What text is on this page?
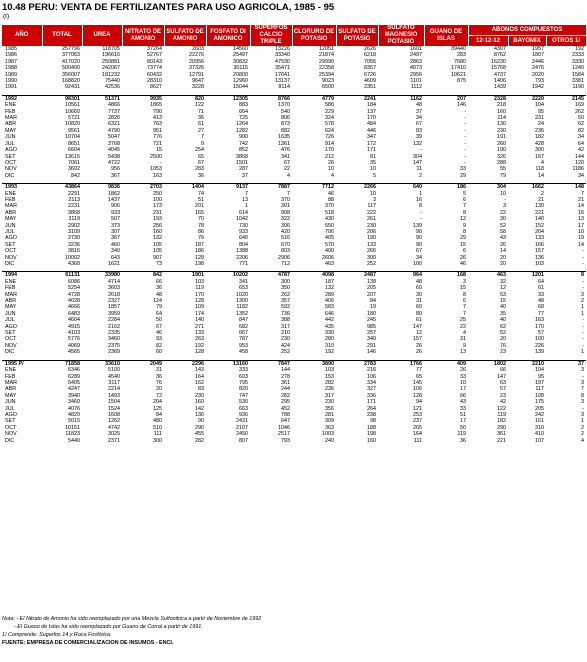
10.48 PERU: VENTA DE FERTILIZANTES PARA USO AGRICOLA, 1985 - 95
(t)
AÑO	TOTAL	UREA	NITRATO DE AMONIO	SULFATO DE AMONIO	FOSFATO DI AMONICO	SUPERFOS CALCIO TRIPLE	CLORURO DE POTASIO	SULFATO DE POTASIO	SULFATO MAGNESIO POTASIO	GUANO DE ISLAS	ABONOS COMPUESTOS		
											12-12-12	BAYOMIX	OTROS 1/
1985	257796	118705	37264	2603	14560	13226	12051	2626	1601	39440	4307	1957	192
1986	377063	196616	52767	22276	25497	33340	21874	6218	2497	283	8762	1807	2333
1987	417020	250881	80143	20956	30832	47530	29990	7056	2863	7680	16230	2446	3330
1988	500400	242067	73774	37326	30115	35471	22358	8357	4073	17410	15768	2476	1240
1989	356007	181232	60432	12791	20800	17641	25394	6726	2956	10621	4737	2020	1584
1990	168820	75440	28310	9647	12960	13137	9023	4609	1101	875	1406	793	3381
1991	92431	42536	8627	3228	15044	8114	6500	2351	1112		1439	1942	1190

1992	98301	51371	9935	820	12305	8766	4779	2241	1162	207	2328	2220	2145
ENE	10561	4866	1865	122	883	1370	586	184	48	146	218	104	169
FEB	10660	7737	790	71	664	540	229	137	37	-	160	95	262
MAR	5721	2826	413	36	725	806	324	170	34	-	114	231	50
ABR	10820	6321	763	61	1264	873	578	484	67	-	130	24	62
MAY	9561	4790	951	27	1282	882	624	446	83	-	230	236	82
JUN	10704	5047	776	7	900	1635	726	347	39	-	191	182	34
JUL	8651	3768	721	9	742	1361	914	172	132	-	260	428	64
AGO	6604	4045	15	254	852	476	170	171	-	-	190	300	42
SET	13615	5438	2500	65	3868	341	212	81	304	-	326	167	144
OCT	7061	4722	-	67	1501	67	26	35	147	-	288	4	120
NOV	3602	956	1053	283	287	22	10	10	11	33	55	118	1186
DIC	842	367	163	36	37	4	4	5	2	29	79	14	34

1993	43864	9836	2703	1404	9137	7887	7712	2266	640	186	304	1662	148
ENE	2291	1862	250	74	7	7	46	10	1	5	10	2	7
FEB	2113	1437	100	51	13	370	88	3	16	6	-	21	21
MAR	2231	906	173	201	1	301	370	117	8	7	3	130	14
ABR	3868	933	231	165	614	908	518	222	-	8	22	221	16
MAY	3119	507	193	70	1042	322	430	261	-	12	30	140	13
JUN	2902	373	256	78	730	306	550	230	139	9	52	152	17
JUL	3109	307	160	86	933	420	706	206	90	8	58	204	10
AGO	2730	367	132	76	640	516	405	190	90	29	43	133	19
SET	3236	460	105	187	804	670	570	133	90	15	26	166	14
OCT	3816	340	105	186	1388	803	400	266	67	6	14	157	-
NOV	10002	643	907	128	2206	2906	2606	300	34	26	20	136	-
DIC	4368	1621	73	198	771	712	463	252	100	46	20	103	-

1994	61131	33980	842	1901	10202	4787	4098	2487	964	168	463	1201	8
ENE	6086	4714	66	103	341	300	187	138	48	3	32	64	-
FEB	5254	3603	36	119	653	350	132	205	60	15	12	61	-
MAR	4728	2618	48	170	1020	262	289	207	30	8	53	33	3
ABR	4028	2327	124	128	1300	357	406	84	31	6	15	48	2
MAY	4666	1857	79	109	1182	592	583	19	60	7	40	68	1
JUN	6483	3959	64	174	1352	736	646	180	80	7	35	77	1
JUL	4604	2284	50	140	847	388	442	245	61	25	40	163	-
AGO	4915	2162	67	271	682	317	435	985	147	22	62	170	-
SET	4103	2335	46	133	667	210	330	257	12	4	52	57	-
OCT	5776	3460	93	263	787	230	280	340	157	31	20	100	-
NOV	4069	2375	82	192	953	424	310	291	26	9	76	226	-
DIC	4565	2369	60	128	458	252	192	146	26	13	23	139	1

1995 P/	71858	33610	2049	2296	13160	7847	3890	2783	1766	409	1802	2210	37
ENE	6346	5100	31	143	333	144	103	216	77	26	66	104	3
FEB	6289	4540	36	164	603	278	153	106	65	33	147	95	-
MAR	5405	3117	76	162	795	361	282	334	145	10	63	197	3
ABR	4247	2214	20	83	820	244	236	327	106	17	57	117	7
MAY	3940	1493	72	230	747	282	317	336	128	66	23	108	8
JUN	3460	1504	204	160	530	295	230	171	94	43	42	175	3
JUL	4076	1524	125	142	663	452	356	264	121	33	122	205	-
AGO	4820	1608	84	136	936	788	281	238	253	51	119	242	3
SET	5015	1262	480	90	2431	647	309	98	237	17	182	161	1
OCT	10151	4742	510	290	2107	1046	363	188	265	50	290	310	2
NOV	11823	3025	111	455	2450	2517	1003	198	164	119	361	410	2
DIC	5440	2371	300	282	807	793	240	160	111	36	221	107	4
Nota: - El Nitrato de Amonio ha sido reemplazado por una Mezcla Sulfonitrica a partir de Noviembre de 1992
- El Guano de Islas ha sido reemplazado por Guano de Corral a partir de 1991.
1/ Comprende: Sugarfos 14 y Roca Fosfórica.
FUENTE: EMPRESA DE COMERCIALIZACION DE INSUMOS - ENCI.
